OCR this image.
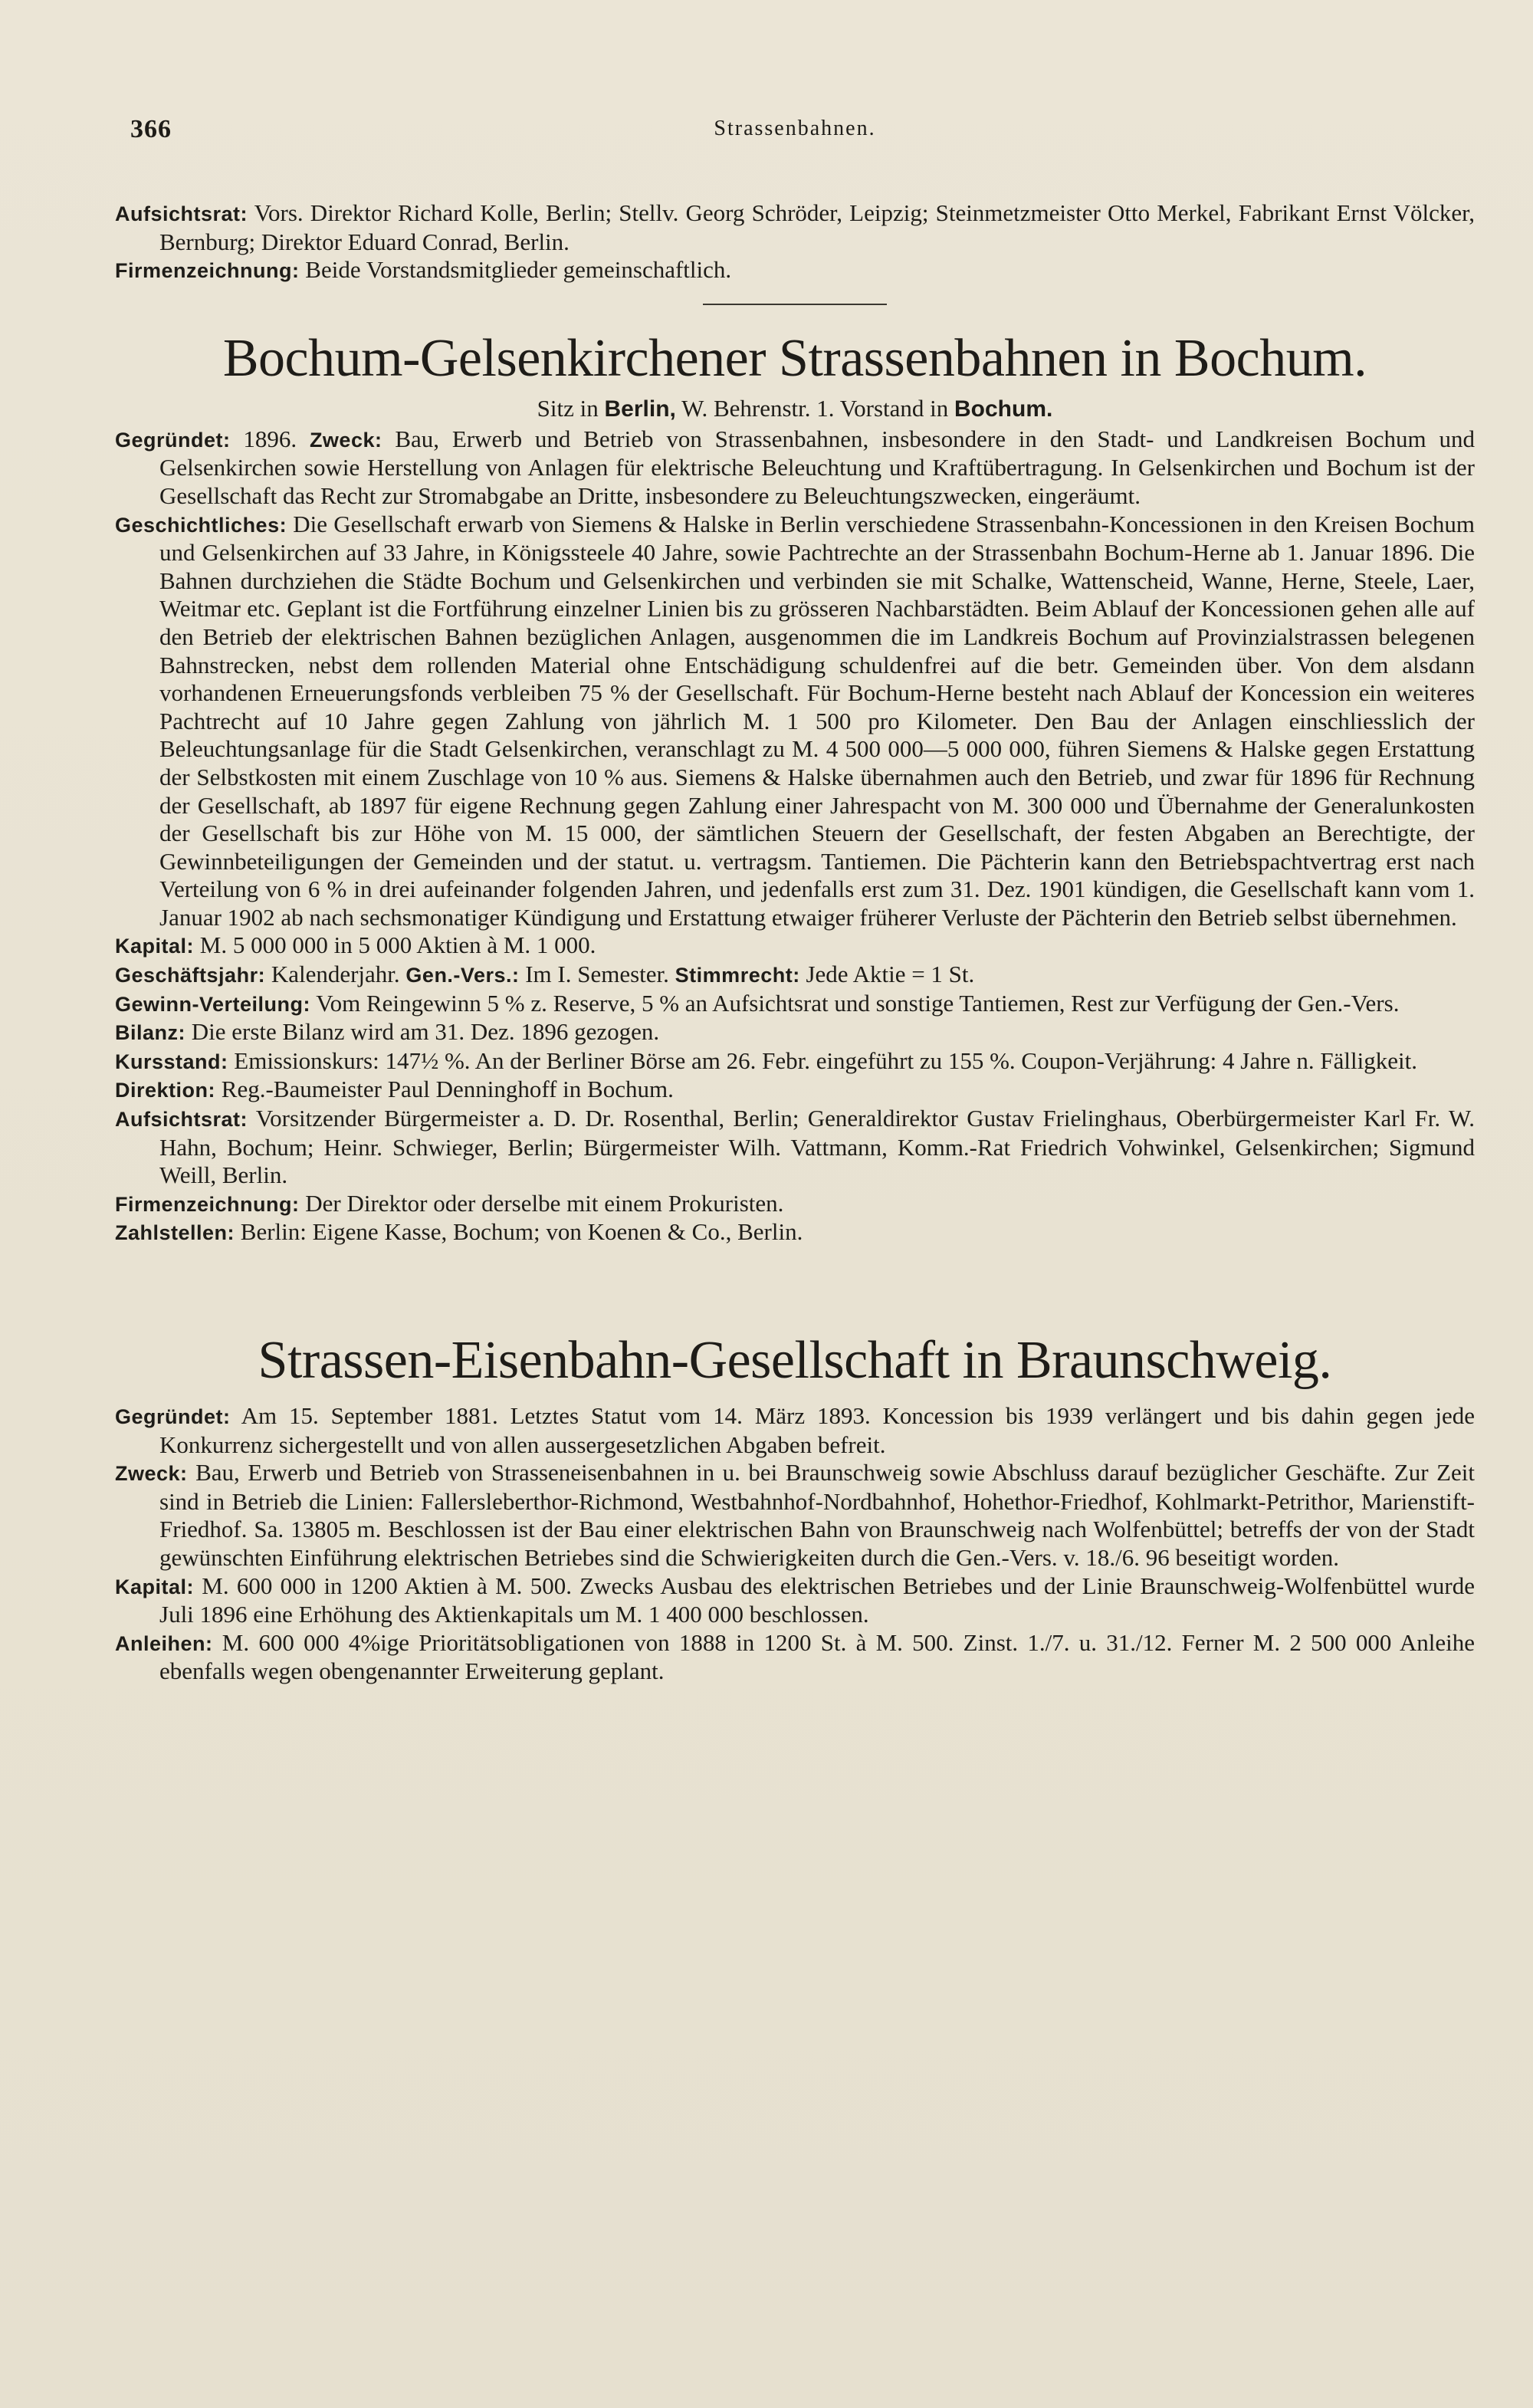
366	Strassenbahnen.

Aufsichtsrat: Vors. Direktor Richard Kolle, Berlin; Stellv. Georg Schröder, Leipzig; Steinmetzmeister Otto Merkel, Fabrikant Ernst Völcker, Bernburg; Direktor Eduard Conrad, Berlin.

Firmenzeichnung: Beide Vorstandsmitglieder gemeinschaftlich.

Bochum-Gelsenkirchener Strassenbahnen in Bochum.

Sitz in Berlin, W. Behrenstr. 1. Vorstand in Bochum.

Gegründet: 1896. Zweck: Bau, Erwerb und Betrieb von Strassenbahnen, insbesondere in den Stadt- und Landkreisen Bochum und Gelsenkirchen sowie Herstellung von Anlagen für elektrische Beleuchtung und Kraftübertragung. In Gelsenkirchen und Bochum ist der Gesellschaft das Recht zur Stromabgabe an Dritte, insbesondere zu Beleuchtungszwecken, eingeräumt.

Geschichtliches: Die Gesellschaft erwarb von Siemens & Halske in Berlin verschiedene Strassenbahn-Koncessionen in den Kreisen Bochum und Gelsenkirchen auf 33 Jahre, in Königssteele 40 Jahre, sowie Pachtrechte an der Strassenbahn Bochum-Herne ab 1. Januar 1896. Die Bahnen durchziehen die Städte Bochum und Gelsenkirchen und verbinden sie mit Schalke, Wattenscheid, Wanne, Herne, Steele, Laer, Weitmar etc. Geplant ist die Fortführung einzelner Linien bis zu grösseren Nachbarstädten. Beim Ablauf der Koncessionen gehen alle auf den Betrieb der elektrischen Bahnen bezüglichen Anlagen, ausgenommen die im Landkreis Bochum auf Provinzialstrassen belegenen Bahnstrecken, nebst dem rollenden Material ohne Entschädigung schuldenfrei auf die betr. Gemeinden über. Von dem alsdann vorhandenen Erneuerungsfonds verbleiben 75 % der Gesellschaft. Für Bochum-Herne besteht nach Ablauf der Koncession ein weiteres Pachtrecht auf 10 Jahre gegen Zahlung von jährlich M. 1 500 pro Kilometer. Den Bau der Anlagen einschliesslich der Beleuchtungsanlage für die Stadt Gelsenkirchen, veranschlagt zu M. 4 500 000—5 000 000, führen Siemens & Halske gegen Erstattung der Selbstkosten mit einem Zuschlage von 10 % aus. Siemens & Halske übernahmen auch den Betrieb, und zwar für 1896 für Rechnung der Gesellschaft, ab 1897 für eigene Rechnung gegen Zahlung einer Jahrespacht von M. 300 000 und Übernahme der Generalunkosten der Gesellschaft bis zur Höhe von M. 15 000, der sämtlichen Steuern der Gesellschaft, der festen Abgaben an Berechtigte, der Gewinnbeteiligungen der Gemeinden und der statut. u. vertragsm. Tantiemen. Die Pächterin kann den Betriebspachtvertrag erst nach Verteilung von 6 % in drei aufeinander folgenden Jahren, und jedenfalls erst zum 31. Dez. 1901 kündigen, die Gesellschaft kann vom 1. Januar 1902 ab nach sechsmonatiger Kündigung und Erstattung etwaiger früherer Verluste der Pächterin den Betrieb selbst übernehmen.

Kapital: M. 5 000 000 in 5 000 Aktien à M. 1 000.

Geschäftsjahr: Kalenderjahr. Gen.-Vers.: Im I. Semester. Stimmrecht: Jede Aktie = 1 St.

Gewinn-Verteilung: Vom Reingewinn 5 % z. Reserve, 5 % an Aufsichtsrat und sonstige Tantiemen, Rest zur Verfügung der Gen.-Vers.

Bilanz: Die erste Bilanz wird am 31. Dez. 1896 gezogen.

Kursstand: Emissionskurs: 147½ %. An der Berliner Börse am 26. Febr. eingeführt zu 155 %. Coupon-Verjährung: 4 Jahre n. Fälligkeit.

Direktion: Reg.-Baumeister Paul Denninghoff in Bochum.

Aufsichtsrat: Vorsitzender Bürgermeister a. D. Dr. Rosenthal, Berlin; Generaldirektor Gustav Frielinghaus, Oberbürgermeister Karl Fr. W. Hahn, Bochum; Heinr. Schwieger, Berlin; Bürgermeister Wilh. Vattmann, Komm.-Rat Friedrich Vohwinkel, Gelsenkirchen; Sigmund Weill, Berlin.

Firmenzeichnung: Der Direktor oder derselbe mit einem Prokuristen.

Zahlstellen: Berlin: Eigene Kasse, Bochum; von Koenen & Co., Berlin.

Strassen-Eisenbahn-Gesellschaft in Braunschweig.

Gegründet: Am 15. September 1881. Letztes Statut vom 14. März 1893. Koncession bis 1939 verlängert und bis dahin gegen jede Konkurrenz sichergestellt und von allen aussergesetzlichen Abgaben befreit.

Zweck: Bau, Erwerb und Betrieb von Strasseneisenbahnen in u. bei Braunschweig sowie Abschluss darauf bezüglicher Geschäfte. Zur Zeit sind in Betrieb die Linien: Fallersleberthor-Richmond, Westbahnhof-Nordbahnhof, Hohethor-Friedhof, Kohlmarkt-Petrithor, Marienstift-Friedhof. Sa. 13805 m. Beschlossen ist der Bau einer elektrischen Bahn von Braunschweig nach Wolfenbüttel; betreffs der von der Stadt gewünschten Einführung elektrischen Betriebes sind die Schwierigkeiten durch die Gen.-Vers. v. 18./6. 96 beseitigt worden.

Kapital: M. 600 000 in 1200 Aktien à M. 500. Zwecks Ausbau des elektrischen Betriebes und der Linie Braunschweig-Wolfenbüttel wurde Juli 1896 eine Erhöhung des Aktienkapitals um M. 1 400 000 beschlossen.

Anleihen: M. 600 000 4%ige Prioritätsobligationen von 1888 in 1200 St. à M. 500. Zinst. 1./7. u. 31./12. Ferner M. 2 500 000 Anleihe ebenfalls wegen obengenannter Erweiterung geplant.
